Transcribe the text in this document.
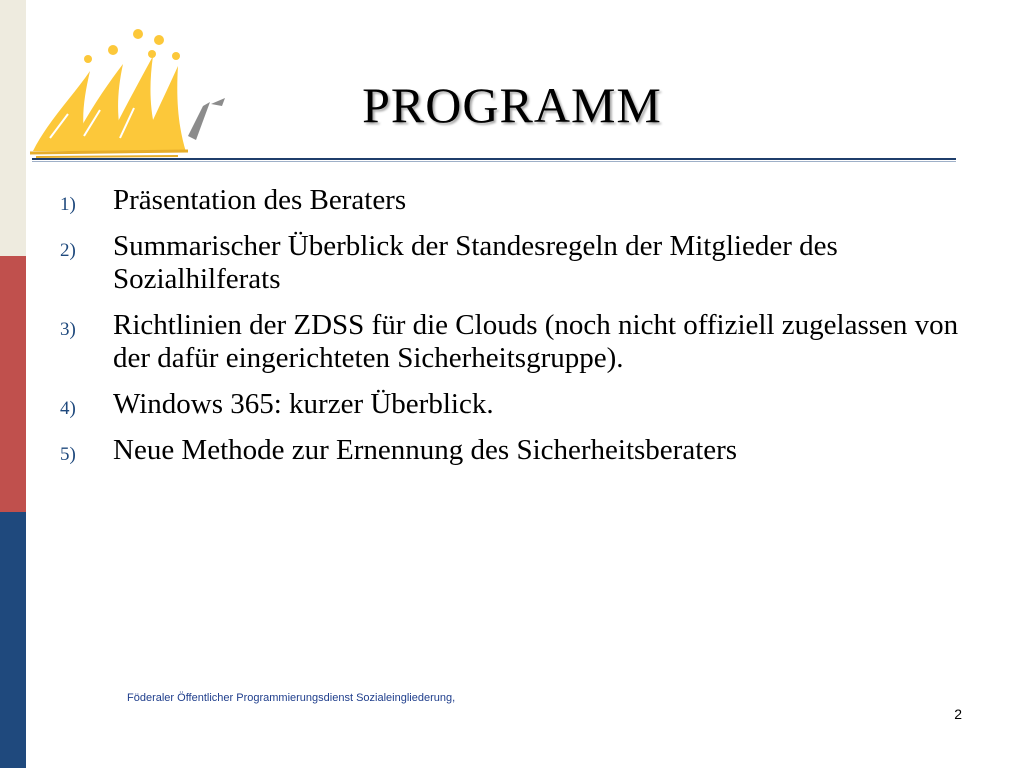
PROGRAMM
1) Präsentation des Beraters
2) Summarischer Überblick der Standesregeln der Mitglieder des Sozialhilferats
3) Richtlinien der ZDSS für die Clouds (noch nicht offiziell zugelassen von der dafür eingerichteten Sicherheitsgruppe).
4) Windows 365: kurzer Überblick.
5) Neue Methode zur Ernennung des Sicherheitsberaters
Föderaler Öffentlicher Programmierungsdienst Sozialeingliederung,
2
